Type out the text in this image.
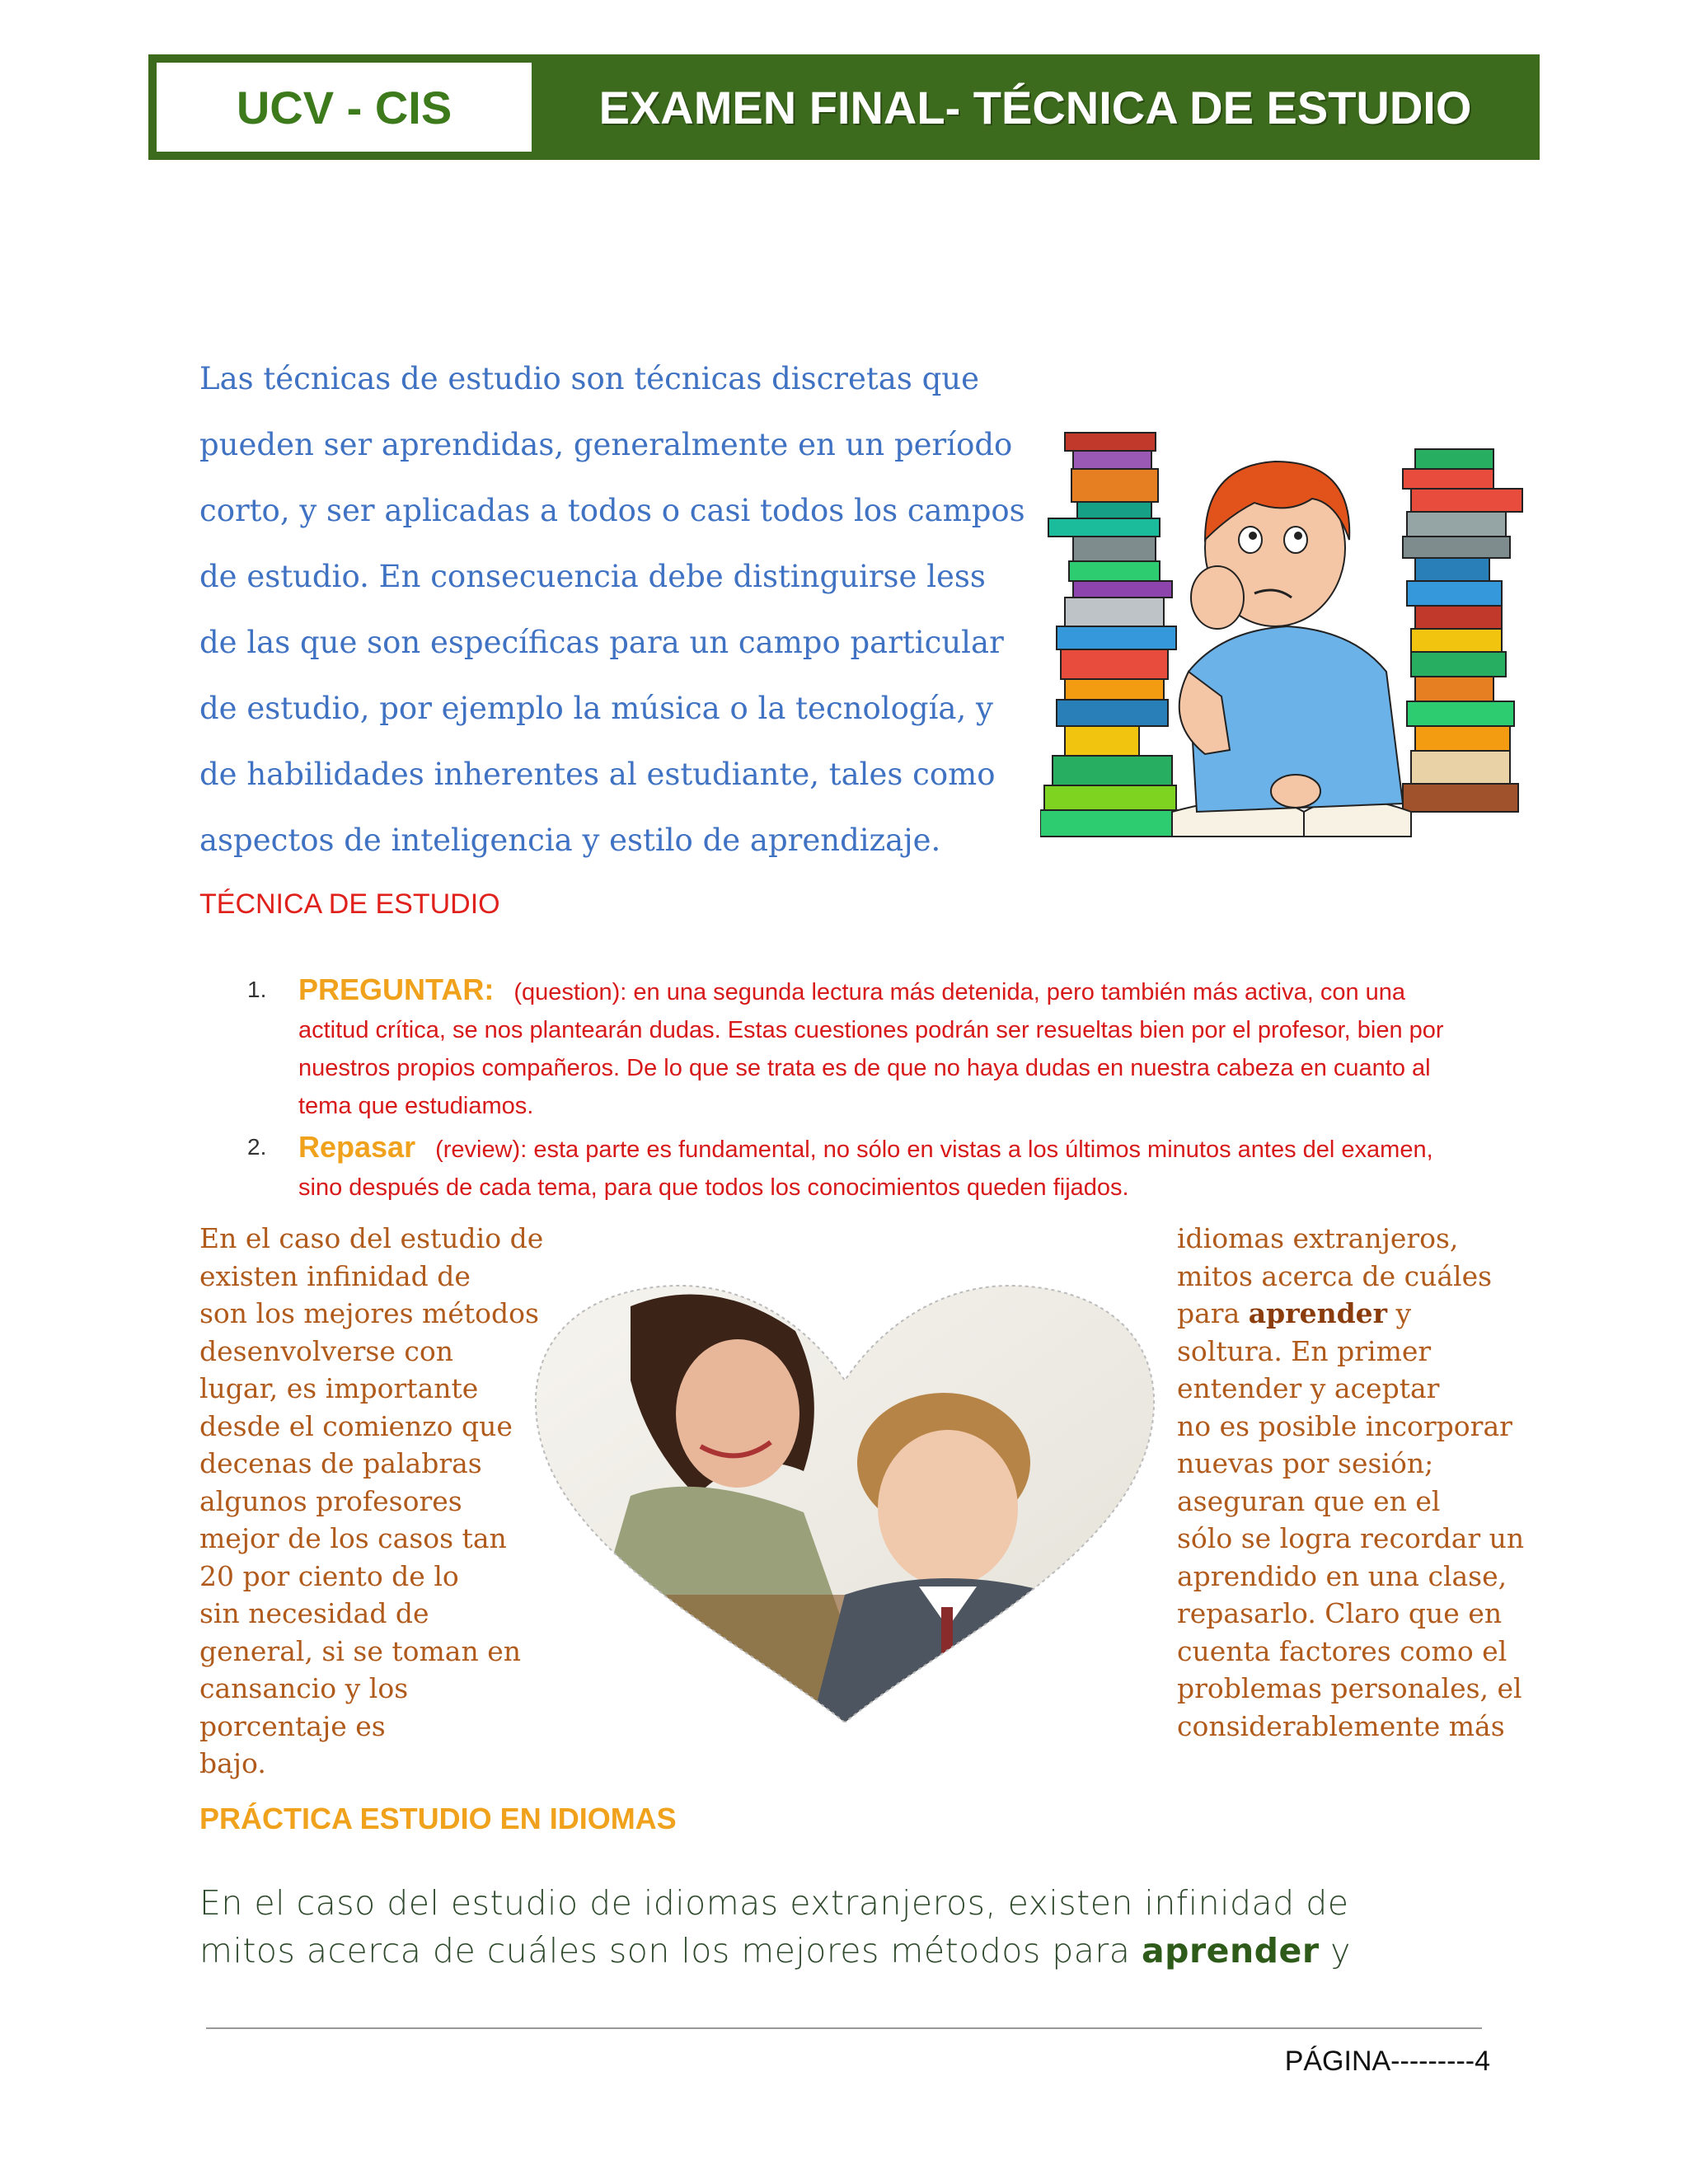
UCV - CIS	EXAMEN FINAL- TÉCNICA DE ESTUDIO

Las técnicas de estudio son técnicas discretas que
pueden ser aprendidas, generalmente en un período
corto, y ser aplicadas a todos o casi todos los campos
de estudio. En consecuencia debe distinguirse less
de las que son específicas para un campo particular
de estudio, por ejemplo la música o la tecnología, y
de habilidades inherentes al estudiante, tales como
aspectos de inteligencia y estilo de aprendizaje.

TÉCNICA DE ESTUDIO
1. PREGUNTAR: (question): en una segunda lectura más detenida, pero también más activa, con una actitud crítica, se nos plantearán dudas. Estas cuestiones podrán ser resueltas bien por el profesor, bien por nuestros propios compañeros. De lo que se trata es de que no haya dudas en nuestra cabeza en cuanto al tema que estudiamos.
2. Repasar (review): esta parte es fundamental, no sólo en vistas a los últimos minutos antes del examen, sino después de cada tema, para que todos los conocimientos queden fijados.

En el caso del estudio de
existen infinidad de
son los mejores métodos
desenvolverse con
lugar, es importante
desde el comienzo que
decenas de palabras
algunos profesores
mejor de los casos tan
20 por ciento de lo
sin necesidad de
general, si se toman en
cansancio y los
porcentaje es
bajo.

idiomas extranjeros,
mitos acerca de cuáles
para aprender y
soltura. En primer
entender y aceptar
no es posible incorporar
nuevas por sesión;
aseguran que en el
sólo se logra recordar un
aprendido en una clase,
repasarlo. Claro que en
cuenta factores como el
problemas personales, el
considerablemente más

PRÁCTICA ESTUDIO EN IDIOMAS

En el caso del estudio de idiomas extranjeros, existen infinidad de
mitos acerca de cuáles son los mejores métodos para aprender y

PÁGINA---------4
